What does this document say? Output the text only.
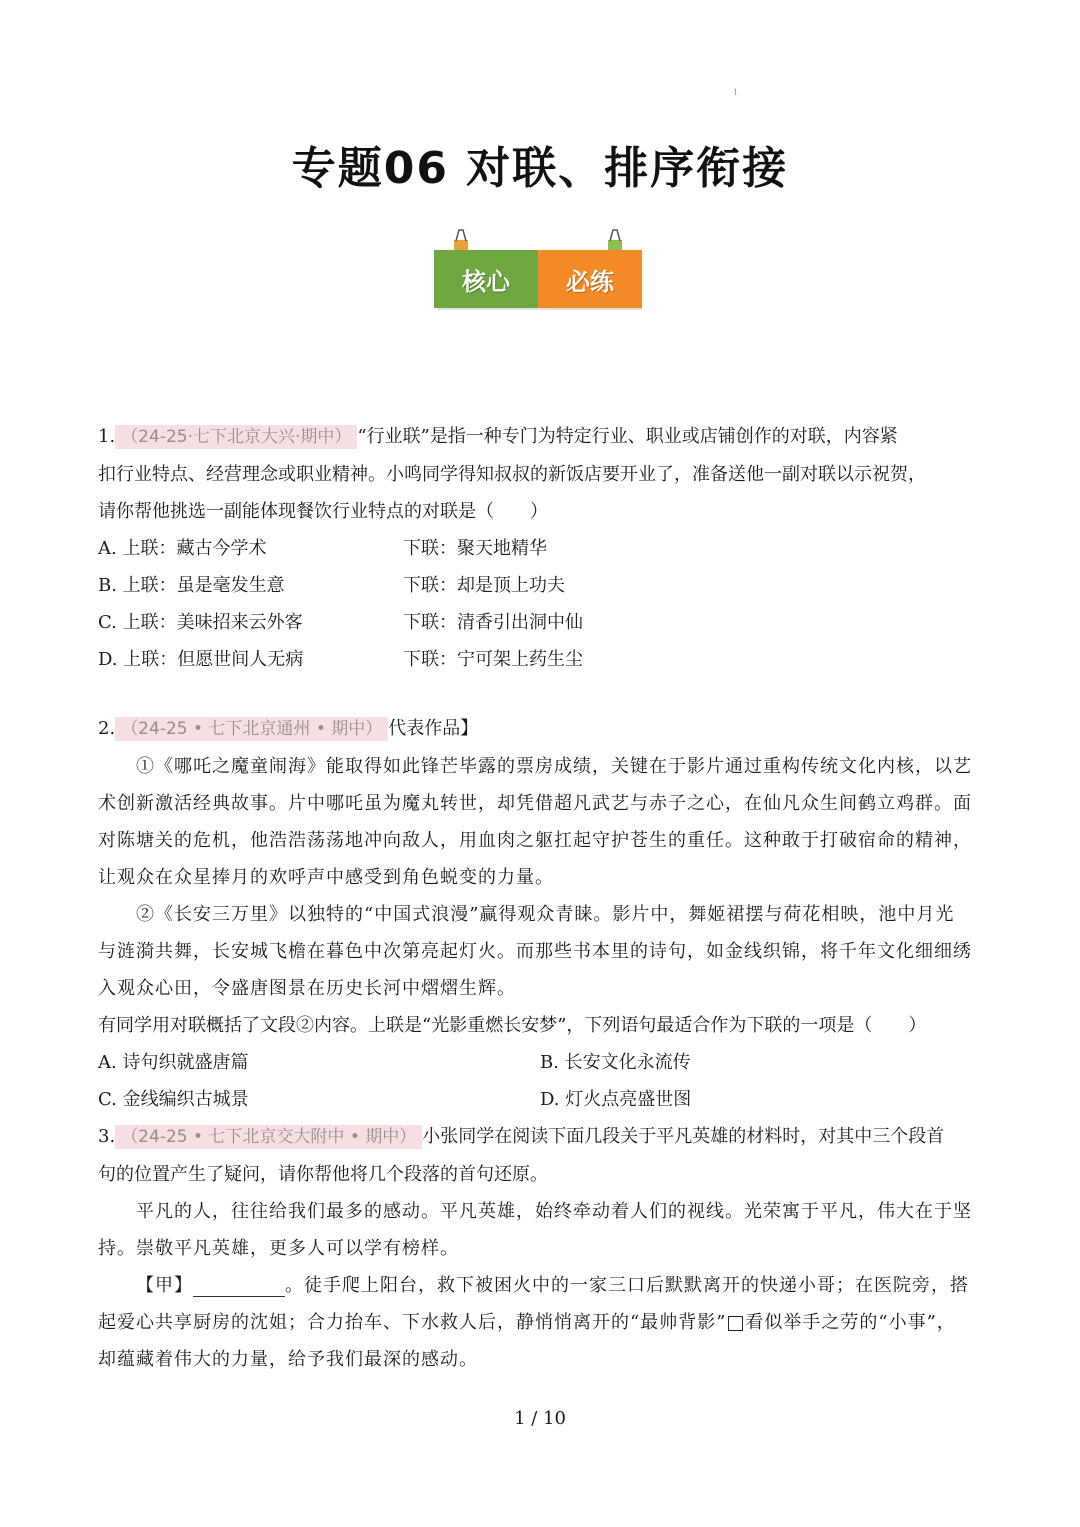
1
专题06 对联、排序衔接
核心	必练
1. （24-25·七下北京大兴·期中） “行业联”是指一种专门为特定行业、职业或店铺创作的对联，内容紧
扣行业特点、经营理念或职业精神。小鸣同学得知叔叔的新饭店要开业了，准备送他一副对联以示祝贺，
请你帮他挑选一副能体现餐饮行业特点的对联是（　　）
A. 上联：藏古今学术	下联：聚天地精华
B. 上联：虽是毫发生意	下联：却是顶上功夫
C. 上联：美味招来云外客	下联：清香引出洞中仙
D. 上联：但愿世间人无病	下联：宁可架上药生尘
2. （24-25 • 七下北京通州 • 期中） 代表作品】
①《哪吒之魔童闹海》能取得如此锋芒毕露的票房成绩，关键在于影片通过重构传统文化内核，以艺
术创新激活经典故事。片中哪吒虽为魔丸转世，却凭借超凡武艺与赤子之心，在仙凡众生间鹤立鸡群。面
对陈塘关的危机，他浩浩荡荡地冲向敌人，用血肉之躯扛起守护苍生的重任。这种敢于打破宿命的精神，
让观众在众星捧月的欢呼声中感受到角色蜕变的力量。
②《长安三万里》以独特的“中国式浪漫”赢得观众青睐。影片中，舞姬裙摆与荷花相映，池中月光
与涟漪共舞，长安城飞檐在暮色中次第亮起灯火。而那些书本里的诗句，如金线织锦，将千年文化细细绣
入观众心田，令盛唐图景在历史长河中熠熠生辉。
有同学用对联概括了文段②内容。上联是“光影重燃长安梦”，下列语句最适合作为下联的一项是（　　）
A. 诗句织就盛唐篇	B. 长安文化永流传
C. 金线编织古城景	D. 灯火点亮盛世图
3. （24-25 • 七下北京交大附中 • 期中） 小张同学在阅读下面几段关于平凡英雄的材料时，对其中三个段首
句的位置产生了疑问，请你帮他将几个段落的首句还原。
平凡的人，往往给我们最多的感动。平凡英雄，始终牵动着人们的视线。光荣寓于平凡，伟大在于坚
持。崇敬平凡英雄，更多人可以学有榜样。
【甲】	。徒手爬上阳台，救下被困火中的一家三口后默默离开的快递小哥；在医院旁，搭
起爱心共享厨房的沈姐；合力抬车、下水救人后，静悄悄离开的“最帅背影” 看似举手之劳的“小事”，
却蕴藏着伟大的力量，给予我们最深的感动。
1 / 10
